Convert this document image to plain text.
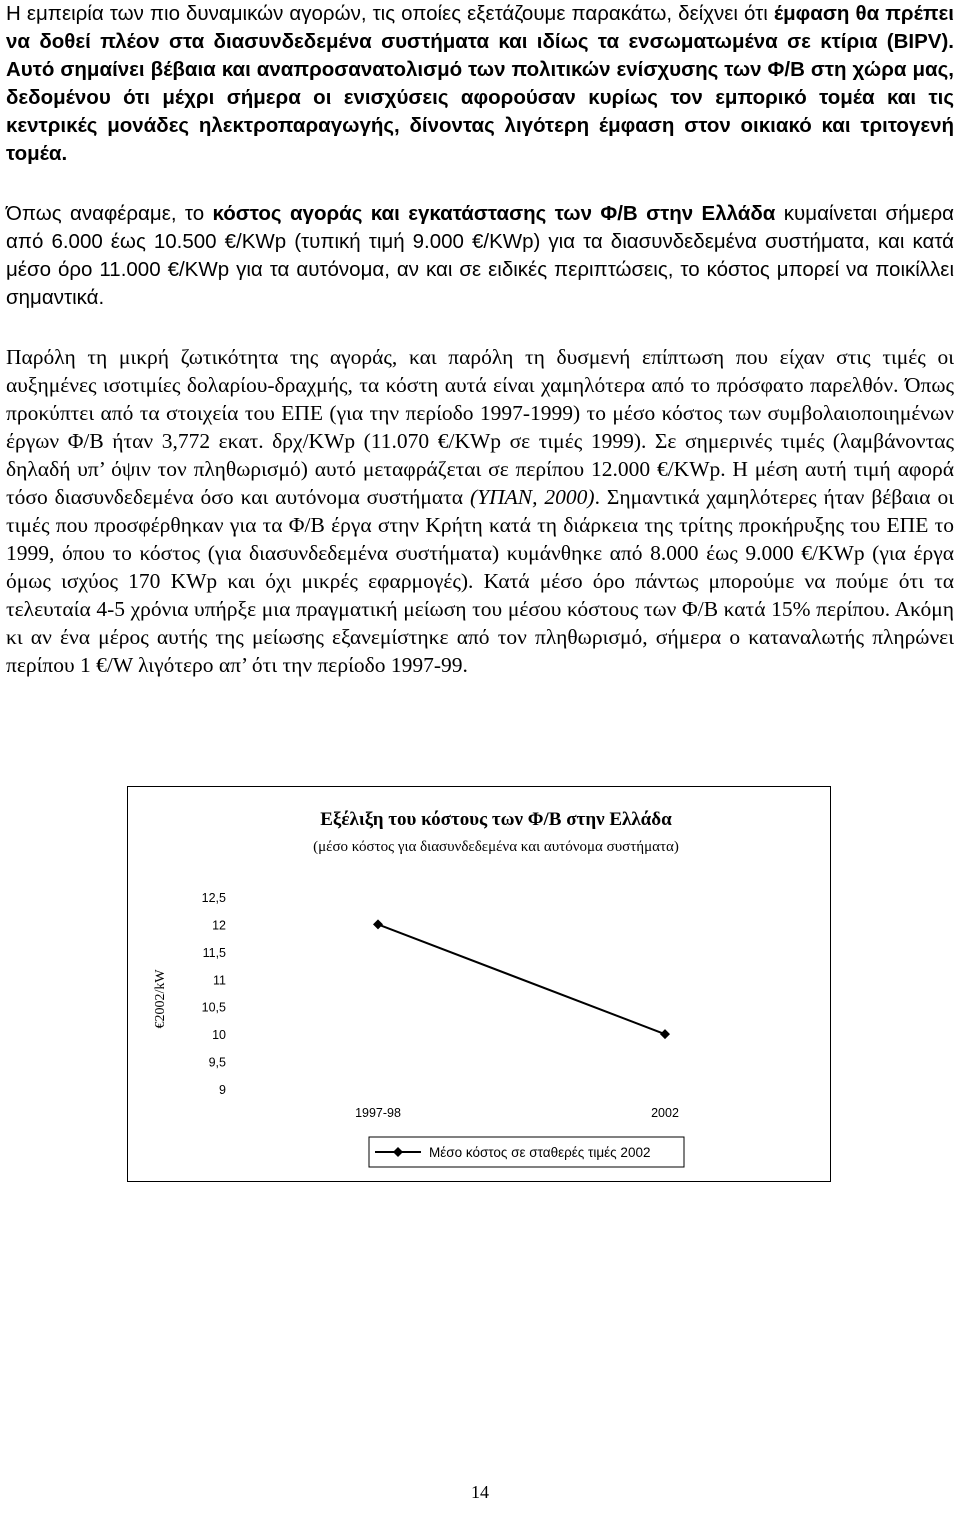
Η εμπειρία των πιο δυναμικών αγορών, τις οποίες εξετάζουμε παρακάτω, δείχνει ότι έμφαση θα πρέπει να δοθεί πλέον στα διασυνδεδεμένα συστήματα και ιδίως τα ενσωματωμένα σε κτίρια (BIPV). Αυτό σημαίνει βέβαια και αναπροσανατολισμό των πολιτικών ενίσχυσης των Φ/Β στη χώρα μας, δεδομένου ότι μέχρι σήμερα οι ενισχύσεις αφορούσαν κυρίως τον εμπορικό τομέα και τις κεντρικές μονάδες ηλεκτροπαραγωγής, δίνοντας λιγότερη έμφαση στον οικιακό και τριτογενή τομέα.

Όπως αναφέραμε, το κόστος αγοράς και εγκατάστασης των Φ/Β στην Ελλάδα κυμαίνεται σήμερα από 6.000 έως 10.500 €/KWp (τυπική τιμή 9.000 €/KWp) για τα διασυνδεδεμένα συστήματα, και κατά μέσο όρο 11.000 €/KWp για τα αυτόνομα, αν και σε ειδικές περιπτώσεις, το κόστος μπορεί να ποικίλλει σημαντικά.

Παρόλη τη μικρή ζωτικότητα της αγοράς, και παρόλη τη δυσμενή επίπτωση που είχαν στις τιμές οι αυξημένες ισοτιμίες δολαρίου-δραχμής, τα κόστη αυτά είναι χαμηλότερα από το πρόσφατο παρελθόν. Όπως προκύπτει από τα στοιχεία του ΕΠΕ (για την περίοδο 1997-1999) το μέσο κόστος των συμβολαιοποιημένων έργων Φ/Β ήταν 3,772 εκατ. δρχ/KWp (11.070 €/KWp σε τιμές 1999). Σε σημερινές τιμές (λαμβάνοντας δηλαδή υπ’ όψιν τον πληθωρισμό) αυτό μεταφράζεται σε περίπου 12.000 €/KWp. Η μέση αυτή τιμή αφορά τόσο διασυνδεδεμένα όσο και αυτόνομα συστήματα (ΥΠΑΝ, 2000). Σημαντικά χαμηλότερες ήταν βέβαια οι τιμές που προσφέρθηκαν για τα Φ/Β έργα στην Κρήτη κατά τη διάρκεια της τρίτης προκήρυξης του ΕΠΕ το 1999, όπου το κόστος (για διασυνδεδεμένα συστήματα) κυμάνθηκε από 8.000 έως 9.000 €/KWp (για έργα όμως ισχύος 170 KWp και όχι μικρές εφαρμογές). Κατά μέσο όρο πάντως μπορούμε να πούμε ότι τα τελευταία 4-5 χρόνια υπήρξε μια πραγματική μείωση του μέσου κόστους των Φ/Β κατά 15% περίπου. Ακόμη κι αν ένα μέρος αυτής της μείωσης εξανεμίστηκε από τον πληθωρισμό, σήμερα ο καταναλωτής πληρώνει περίπου 1 €/W λιγότερο απ’ ότι την περίοδο 1997-99.

Εξέλιξη του κόστους των Φ/Β στην Ελλάδα
(μέσο κόστος για διασυνδεδεμένα και αυτόνομα συστήματα)
€2002/kW
12,5
12
11,5
11
10,5
10
9,5
9
1997-98	2002
Μέσο κόστος σε σταθερές τιμές 2002
14
